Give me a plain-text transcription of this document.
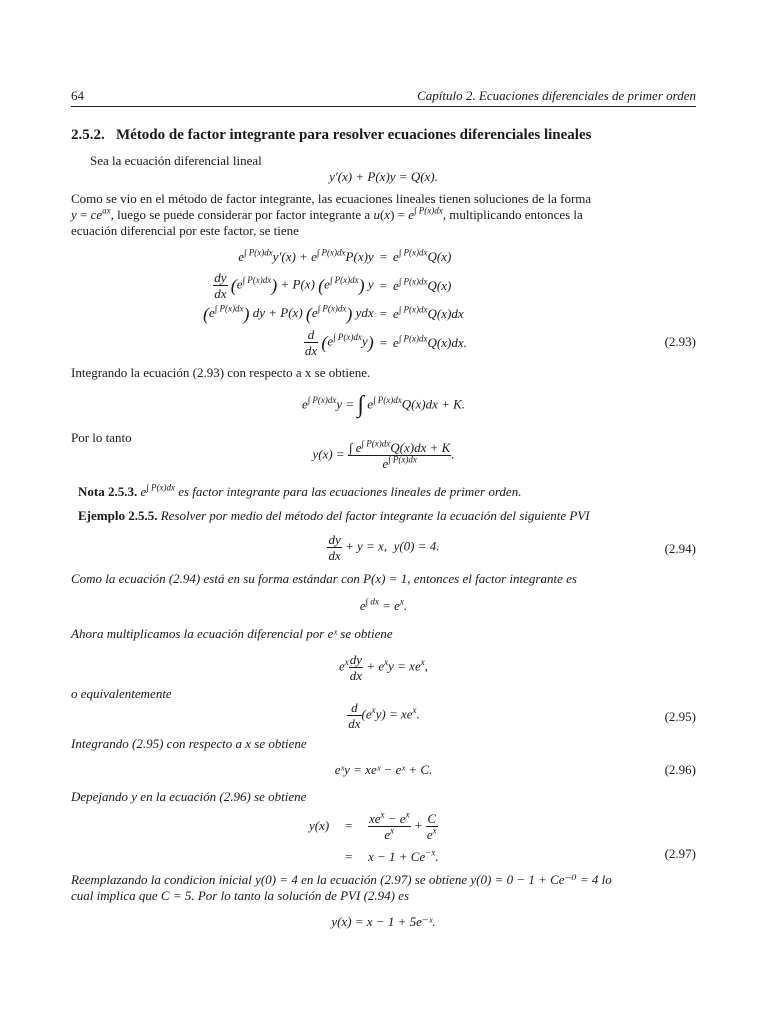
64	Capítulo 2. Ecuaciones diferenciales de primer orden
2.5.2. Método de factor integrante para resolver ecuaciones diferenciales lineales
Sea la ecuación diferencial lineal
y′(x) + P(x)y = Q(x).
Como se vio en el método de factor integrante, las ecuaciones lineales tienen soluciones de la forma
$y = ce^{ax}$, luego se puede considerar por factor integrante a $u(x) = e^{\int P(x)dx}$, multiplicando entonces la
ecuación diferencial por este factor, se tiene
$e^{\int P(x)dx}y'(x) + e^{\int P(x)dx}P(x)y$	=	$e^{\int P(x)dx}Q(x)$

$\frac{dy}{dx} (e^{\int P(x)dx}) + P(x)$ $(e^{\int P(x)dx})$ y	=	$e^{\int P(x)dx}Q(x)$
$(e^{\int P(x)dx})$ dy + P(x) $(e^{\int P(x)dx})$ ydx	=	$e^{\int P(x)dx}Q(x)dx$

$\frac{d}{dx} (e^{\int P(x)dx}y)$	=	$e^{\int P(x)dx}Q(x)dx$.	(2.93)
Integrando la ecuación (2.93) con respecto a x se obtiene.
$e^{\int P(x)dx}y$ = ∫ $e^{\int P(x)dx}Q(x)dx + K$.
Por lo tanto
$y(x) = \frac{\int e^{\int P(x)dx}Q(x)dx + K}{e^{\int P(x)dx}}$ .
Nota 2.5.3. $e^{\int P(x)dx}$ es factor integrante para las ecuaciones lineales de primer orden.
Ejemplo 2.5.5. Resolver por medio del método del factor integrante la ecuación del siguiente PVI
$\frac{dy}{dx} + y = x$,  y(0) = 4.	(2.94)
Como la ecuación (2.94) está en su forma estándar con P(x) = 1, entonces el factor integrante es
$e^{\int dx} = e^x$.
Ahora multiplicamos la ecuación diferencial por eˣ se obtiene
$e^x \frac{dy}{dx} + e^xy = xe^x$,
o equivalentemente
$\frac{d}{dx} (e^xy) = xe^x$.	(2.95)
Integrando (2.95) con respecto a x se obtiene
eˣy = xeˣ − eˣ + C.	(2.96)
Depejando y en la ecuación (2.96) se obtiene
y(x)	=	$\frac{xe^x - e^x}{e^x} + \frac{C}{e^x}$

	=	$x - 1 + Ce^{-x}$.	(2.97)
Reemplazando la condicion inicial y(0) = 4 en la ecuación (2.97) se obtiene y(0) = 0 − 1 + Ce⁻⁰ = 4 lo
cual implica que C = 5. Por lo tanto la solución de PVI (2.94) es
y(x) = x − 1 + 5e⁻ˣ.
